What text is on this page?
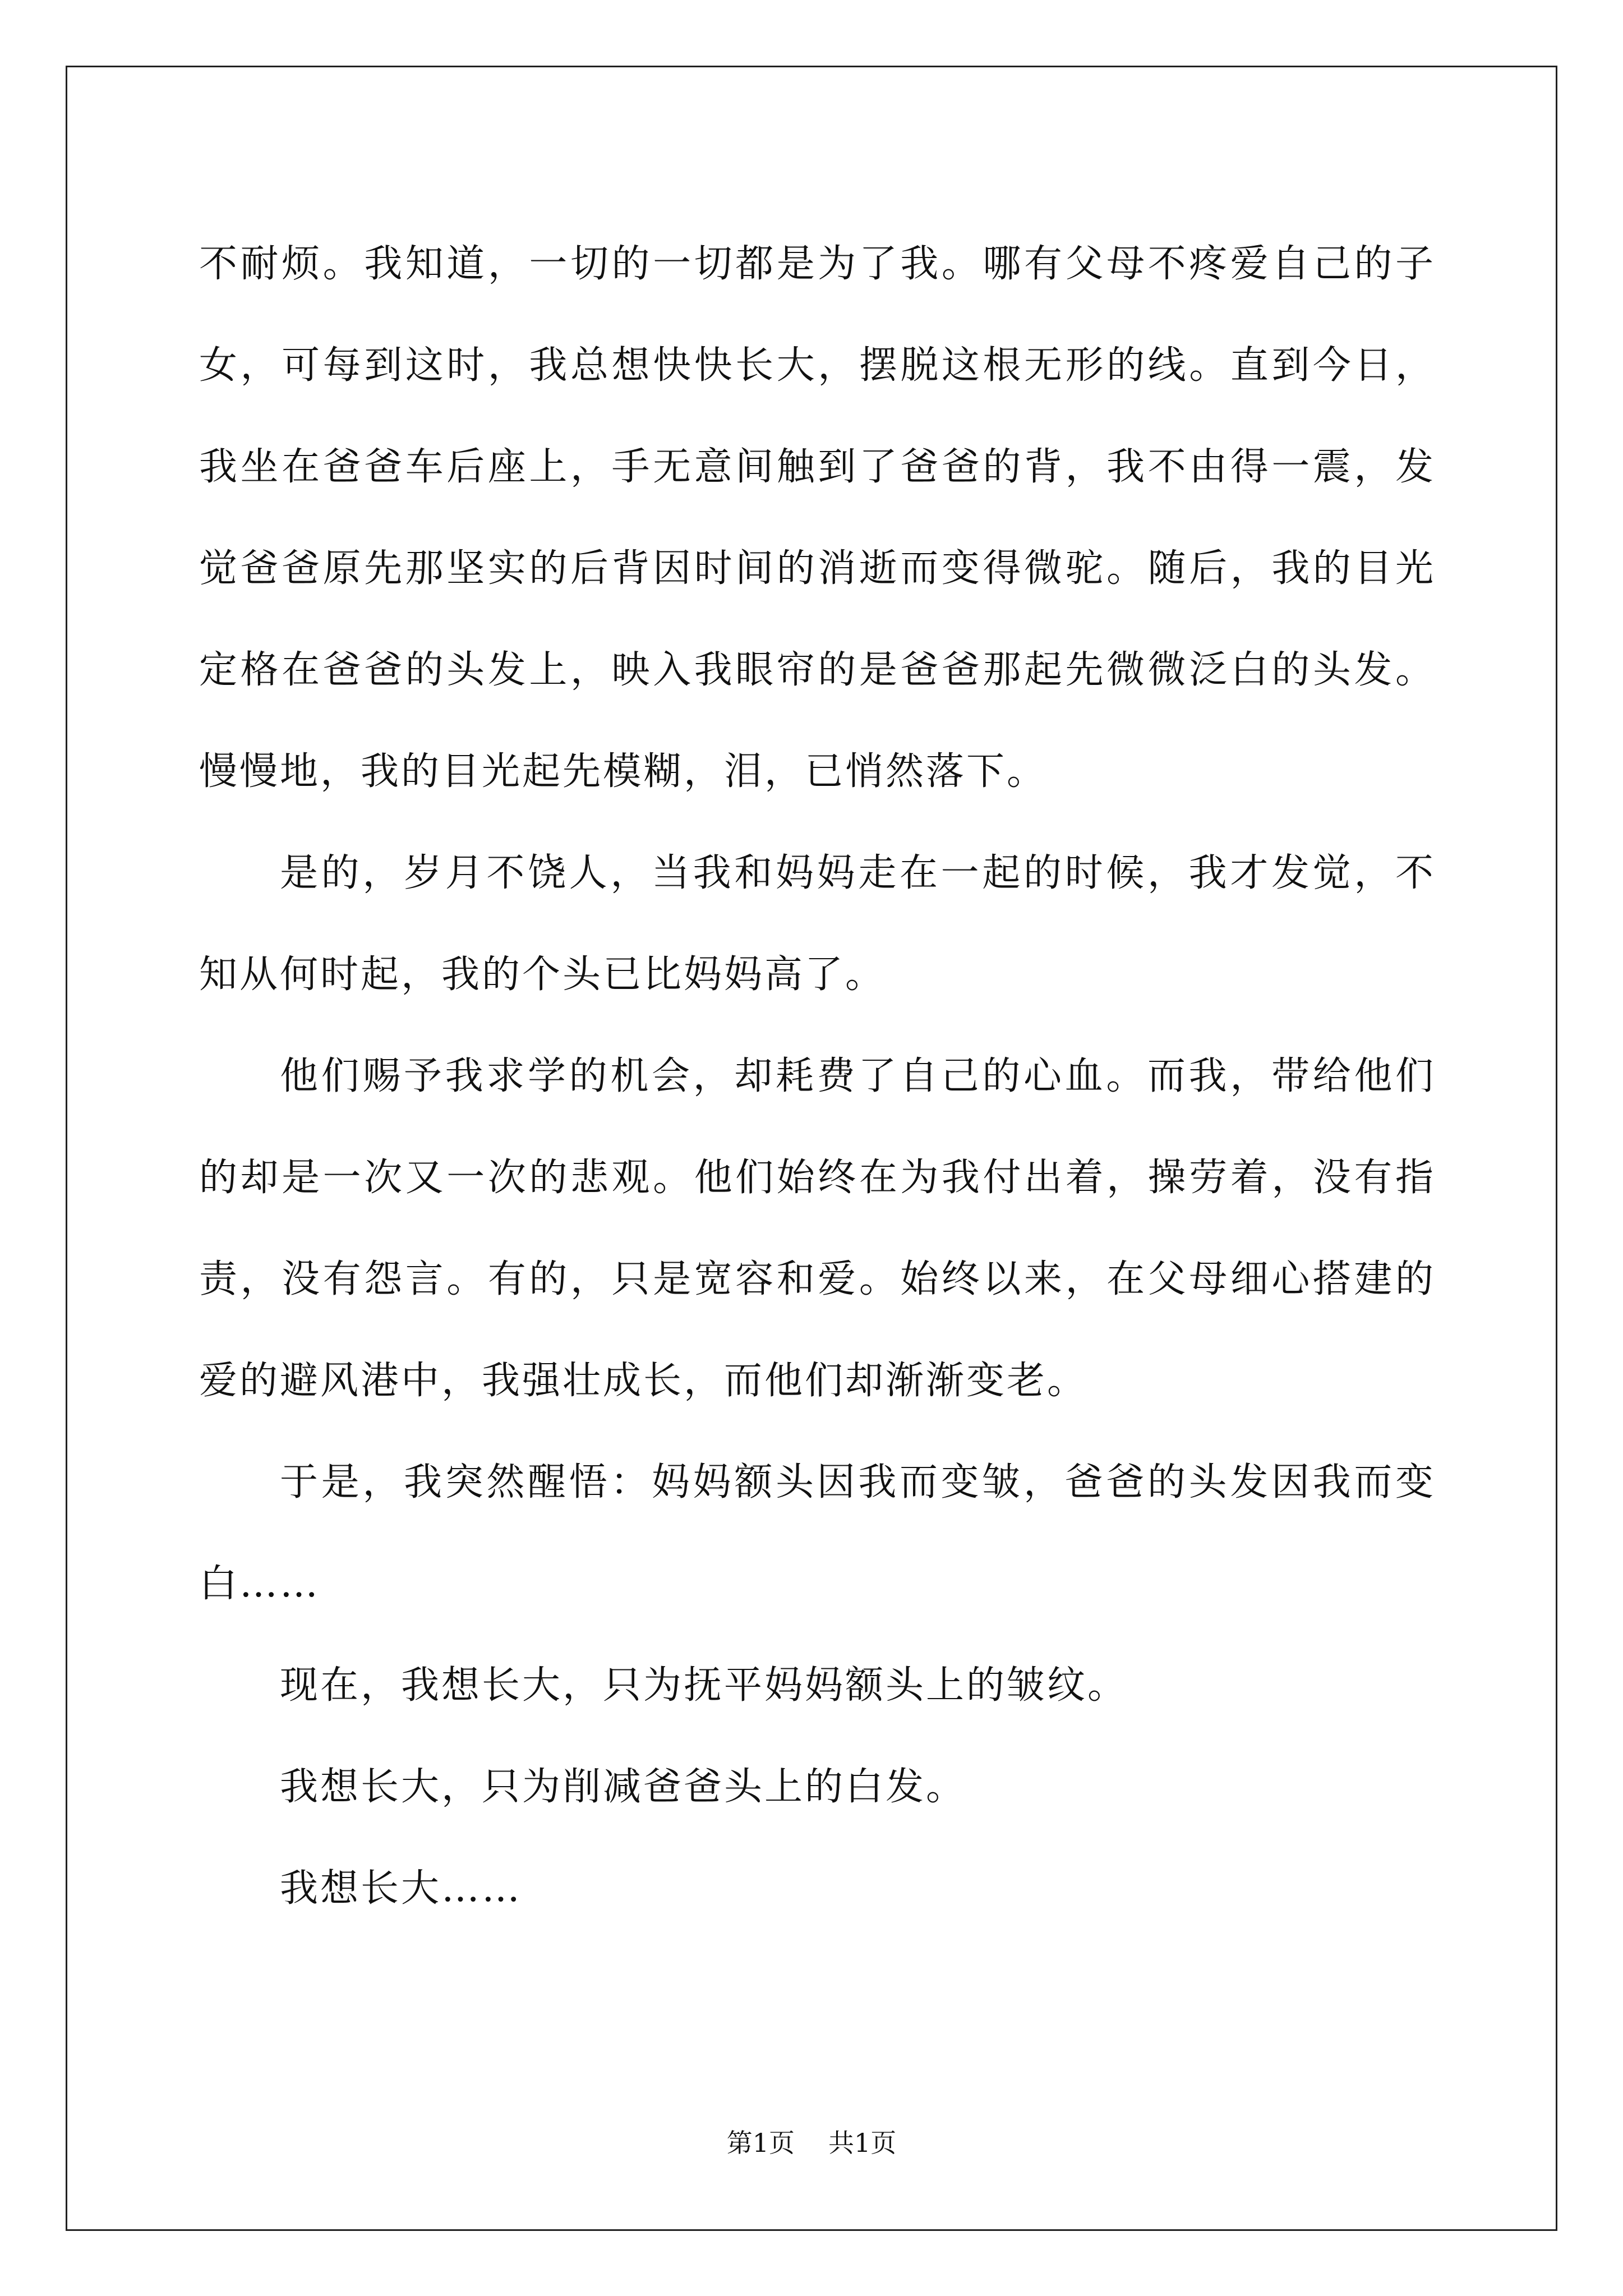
不耐烦。我知道，一切的一切都是为了我。哪有父母不疼爱自己的子女，可每到这时，我总想快快长大，摆脱这根无形的线。直到今日，我坐在爸爸车后座上，手无意间触到了爸爸的背，我不由得一震，发觉爸爸原先那坚实的后背因时间的消逝而变得微驼。随后，我的目光定格在爸爸的头发上，映入我眼帘的是爸爸那起先微微泛白的头发。慢慢地，我的目光起先模糊，泪，已悄然落下。

是的，岁月不饶人，当我和妈妈走在一起的时候，我才发觉，不知从何时起，我的个头已比妈妈高了。

他们赐予我求学的机会，却耗费了自己的心血。而我，带给他们的却是一次又一次的悲观。他们始终在为我付出着，操劳着，没有指责，没有怨言。有的，只是宽容和爱。始终以来，在父母细心搭建的爱的避风港中，我强壮成长，而他们却渐渐变老。

于是，我突然醒悟：妈妈额头因我而变皱，爸爸的头发因我而变白……

现在，我想长大，只为抚平妈妈额头上的皱纹。

我想长大，只为削减爸爸头上的白发。

我想长大……

第1页 共1页
